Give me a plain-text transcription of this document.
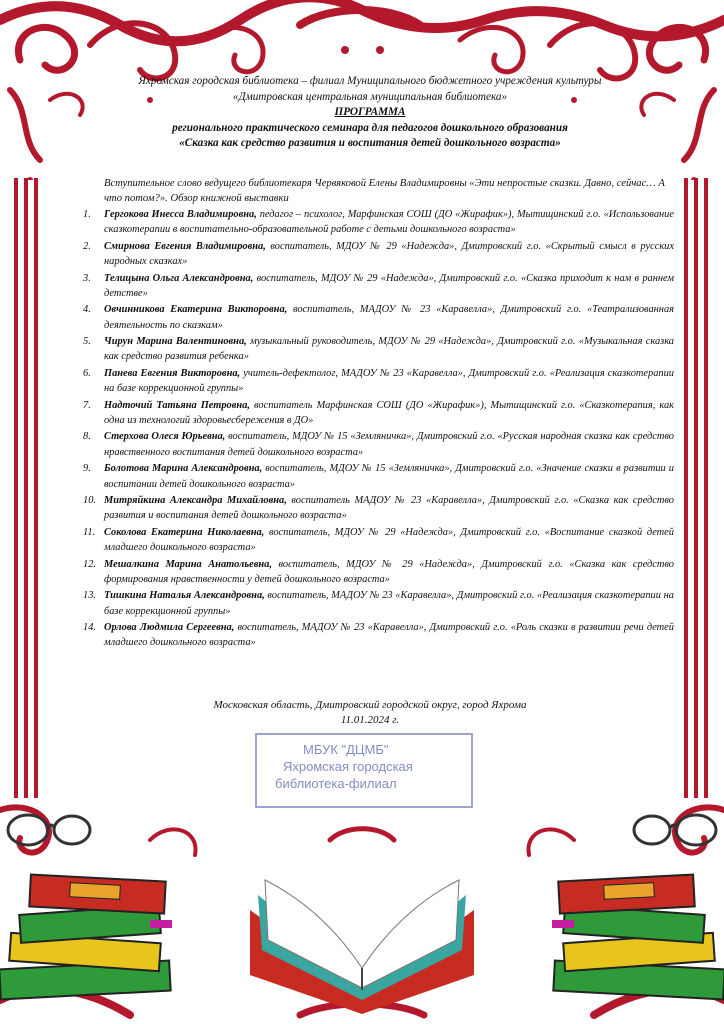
Яхромская городская библиотека – филиал Муниципального бюджетного учреждения культуры
«Дмитровская центральная муниципальная библиотека»
ПРОГРАММА
регионального практического семинара для педагогов дошкольного образования
«Сказка как средство развития и воспитания детей дошкольного возраста»
Вступительное слово ведущего библиотекаря Червяковой Елены Владимировны «Эти непростые сказки. Давно, сейчас… А что потом?». Обзор книжной выставки
1.	Гергокова Инесса Владимировна, педагог – психолог, Марфинская СОШ (ДО «Жирафик»), Мытищинский г.о. «Использование сказкотерапии в воспитательно-образовательной работе с детьми дошкольного возраста»
2.	Смирнова Евгения Владимировна, воспитатель, МДОУ № 29 «Надежда», Дмитровский г.о. «Скрытый смысл в русских народных сказках»
3.	Телицына Ольга Александровна, воспитатель, МДОУ № 29 «Надежда», Дмитровский г.о. «Сказка приходит к нам в раннем детстве»
4.	Овчинникова Екатерина Викторовна, воспитатель, МАДОУ № 23 «Каравелла», Дмитровский г.о. «Театрализованная деятельность по сказкам»
5.	Чирун Марина Валентиновна, музыкальный руководитель, МДОУ № 29 «Надежда», Дмитровский г.о. «Музыкальная сказка как средство развития ребенка»
6.	Панева Евгения Викторовна, учитель-дефектолог, МАДОУ № 23 «Каравелла», Дмитровский г.о. «Реализация сказкотерапии на базе коррекционной группы»
7.	Надточий Татьяна Петровна, воспитатель Марфинская СОШ (ДО «Жирафик»), Мытищинский г.о. «Сказкотерапия, как одна из технологий здоровьесбережения в ДО»
8.	Стерхова Олеся Юрьевна, воспитатель, МДОУ № 15 «Земляничка», Дмитровский г.о. «Русская народная сказка как средство нравственного воспитания детей дошкольного возраста»
9.	Болотова Марина Александровна, воспитатель, МДОУ № 15 «Земляничка», Дмитровский г.о. «Значение сказки в развитии и воспитании детей дошкольного возраста»
10. Митряйкина Александра Михайловна, воспитатель МАДОУ № 23 «Каравелла», Дмитровский г.о. «Сказка как средство развития и воспитания детей дошкольного возраста»
11. Соколова Екатерина Николаевна, воспитатель, МДОУ № 29 «Надежда», Дмитровский г.о. «Воспитание сказкой детей младшего дошкольного возраста»
12. Мешалкина Марина Анатольевна, воспитатель, МДОУ № 29 «Надежда», Дмитровский г.о. «Сказка как средство формирования нравственности у детей дошкольного возраста»
13. Тишкина Наталья Александровна, воспитатель, МАДОУ № 23 «Каравелла», Дмитровский г.о. «Реализация сказкотерапии на базе коррекционной группы»
14. Орлова Людмила Сергеевна, воспитатель, МАДОУ № 23 «Каравелла», Дмитровский г.о. «Роль сказки в развитии речи детей младшего дошкольного возраста»
Московская область, Дмитровский городской округ, город Яхрома
11.01.2024 г.
МБУК "ДЦМБ"
Яхромская городская
библиотека-филиал
